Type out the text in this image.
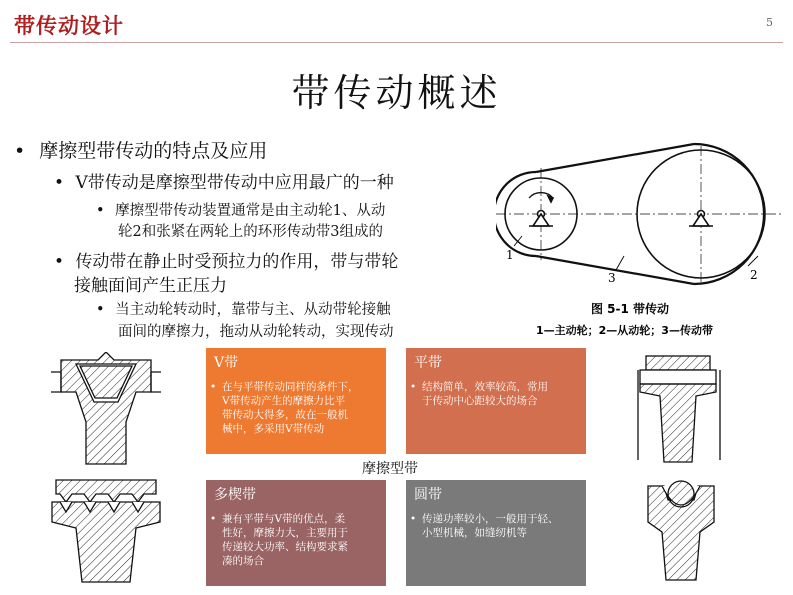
带传动设计	5
带传动概述
• 摩擦型带传动的特点及应用
• V带传动是摩擦型带传动中应用最广的一种
• 摩擦型带传动装置通常是由主动轮1、从动
轮2和张紧在两轮上的环形传动带3组成的
• 传动带在静止时受预拉力的作用，带与带轮
接触面间产生正压力
• 当主动轮转动时，靠带与主、从动带轮接触
面间的摩擦力，拖动从动轮转动，实现传动
1
3	2
图 5-1 带传动
1—主动轮；2—从动轮；3—传动带
V带
• 在与平带传动同样的条件下，
V带传动产生的摩擦力比平
带传动大得多，故在一般机
械中，多采用V带传动
平带
• 结构简单，效率较高，常用
于传动中心距较大的场合
摩擦型带
多楔带
• 兼有平带与V带的优点，柔
性好，摩擦力大，主要用于
传递较大功率、结构要求紧
凑的场合
圆带
• 传递功率较小，一般用于轻、
小型机械，如缝纫机等
